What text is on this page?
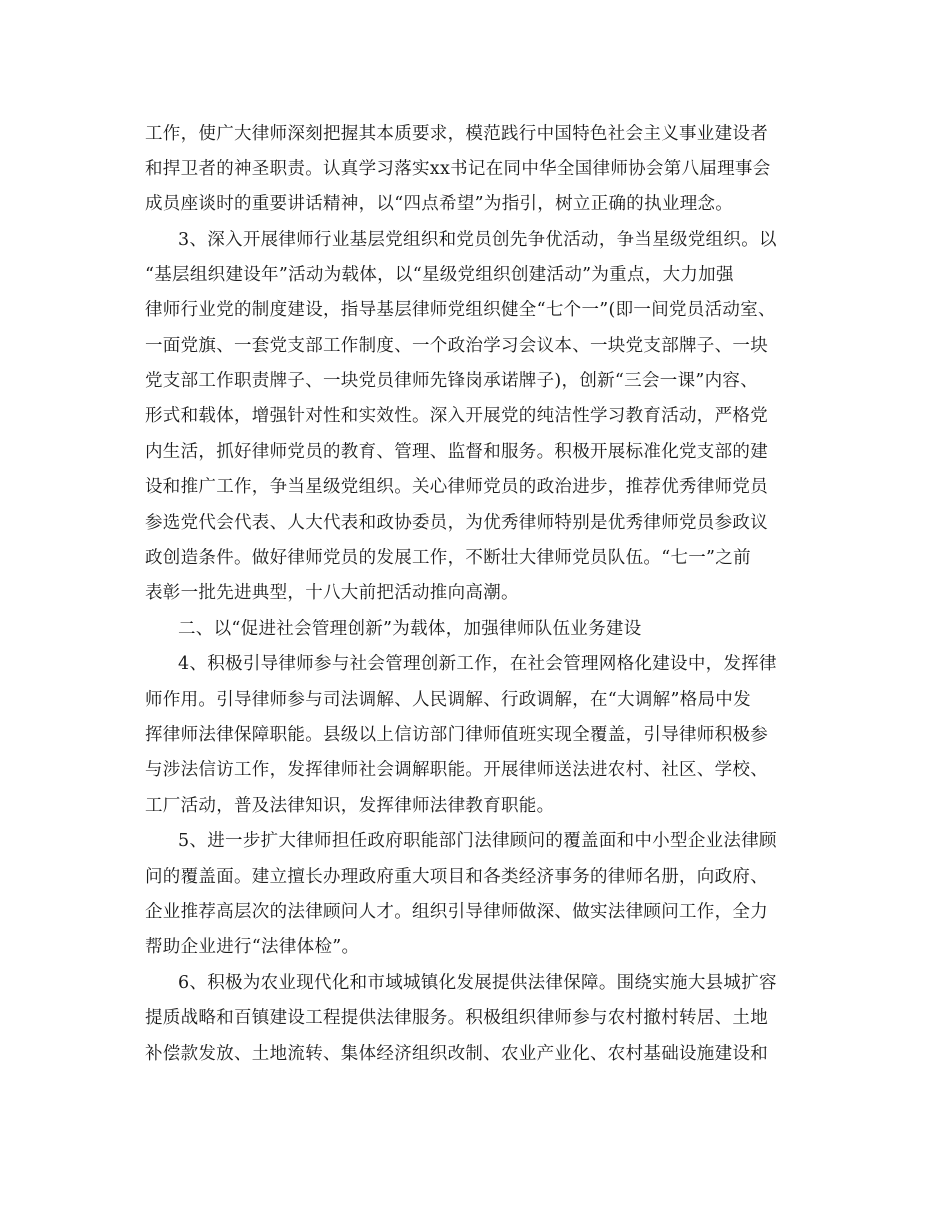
工作，使广大律师深刻把握其本质要求，模范践行中国特色社会主义事业建设者
和捍卫者的神圣职责。认真学习落实xx书记在同中华全国律师协会第八届理事会
成员座谈时的重要讲话精神，以“四点希望”为指引，树立正确的执业理念。
3、深入开展律师行业基层党组织和党员创先争优活动，争当星级党组织。以
“基层组织建设年”活动为载体，以“星级党组织创建活动”为重点，大力加强
律师行业党的制度建设，指导基层律师党组织健全“七个一”(即一间党员活动室、
一面党旗、一套党支部工作制度、一个政治学习会议本、一块党支部牌子、一块
党支部工作职责牌子、一块党员律师先锋岗承诺牌子)，创新“三会一课”内容、
形式和载体，增强针对性和实效性。深入开展党的纯洁性学习教育活动，严格党
内生活，抓好律师党员的教育、管理、监督和服务。积极开展标准化党支部的建
设和推广工作，争当星级党组织。关心律师党员的政治进步，推荐优秀律师党员
参选党代会代表、人大代表和政协委员，为优秀律师特别是优秀律师党员参政议
政创造条件。做好律师党员的发展工作，不断壮大律师党员队伍。“七一”之前
表彰一批先进典型，十八大前把活动推向高潮。
二、以“促进社会管理创新”为载体，加强律师队伍业务建设
4、积极引导律师参与社会管理创新工作，在社会管理网格化建设中，发挥律
师作用。引导律师参与司法调解、人民调解、行政调解，在“大调解”格局中发
挥律师法律保障职能。县级以上信访部门律师值班实现全覆盖，引导律师积极参
与涉法信访工作，发挥律师社会调解职能。开展律师送法进农村、社区、学校、
工厂活动，普及法律知识，发挥律师法律教育职能。
5、进一步扩大律师担任政府职能部门法律顾问的覆盖面和中小型企业法律顾
问的覆盖面。建立擅长办理政府重大项目和各类经济事务的律师名册，向政府、
企业推荐高层次的法律顾问人才。组织引导律师做深、做实法律顾问工作，全力
帮助企业进行“法律体检”。
6、积极为农业现代化和市域城镇化发展提供法律保障。围绕实施大县城扩容
提质战略和百镇建设工程提供法律服务。积极组织律师参与农村撤村转居、土地
补偿款发放、土地流转、集体经济组织改制、农业产业化、农村基础设施建设和
